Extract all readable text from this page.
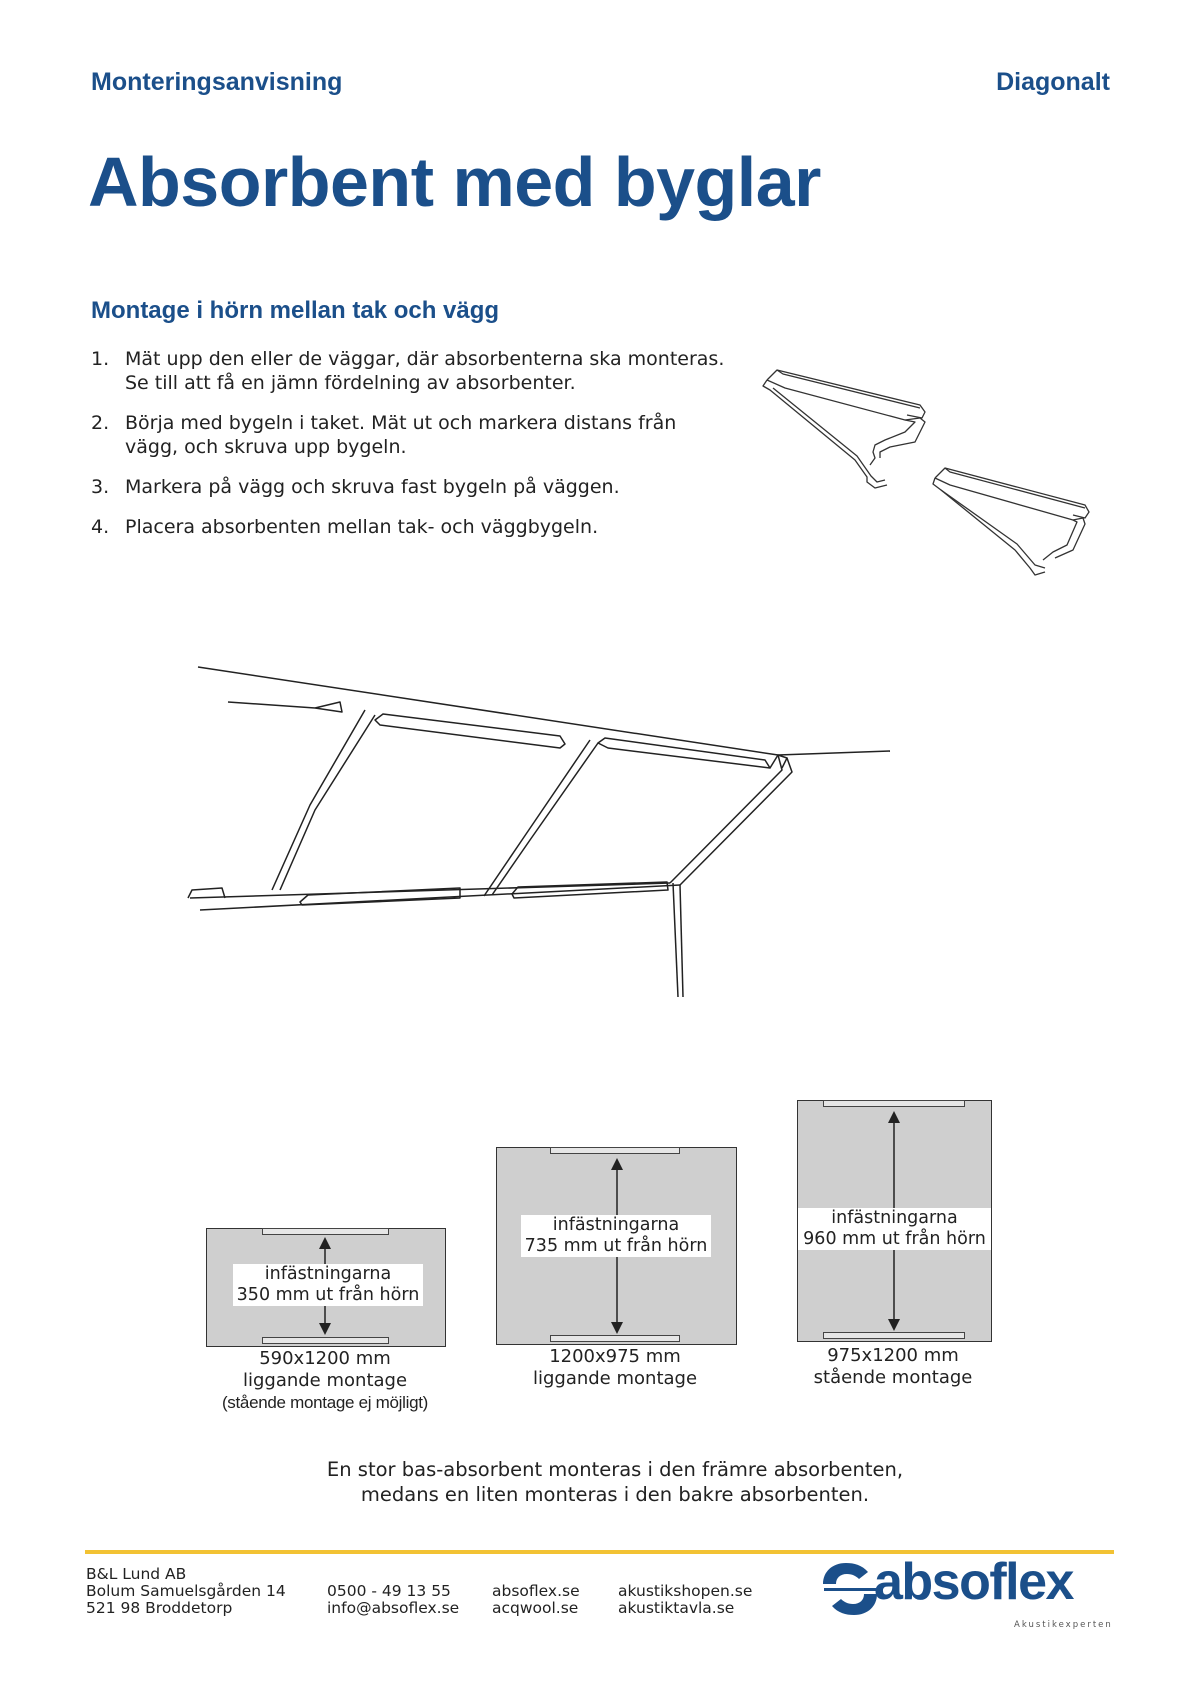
Monteringsanvisning	Diagonalt
Absorbent med byglar
Montage i hörn mellan tak och vägg
1. Mät upp den eller de väggar, där absorbenterna ska monteras. Se till att få en jämn fördelning av absorbenter.
2. Börja med bygeln i taket. Mät ut och markera distans från vägg, och skruva upp bygeln.
3. Markera på vägg och skruva fast bygeln på väggen.
4. Placera absorbenten mellan tak- och väggbygeln.
infästningarna
350 mm ut från hörn
590x1200 mm
liggande montage
(stående montage ej möjligt)
infästningarna
735 mm ut från hörn
1200x975 mm
liggande montage
infästningarna
960 mm ut från hörn
975x1200 mm
stående montage
En stor bas-absorbent monteras i den främre absorbenten,
medans en liten monteras i den bakre absorbenten.
B&L Lund AB
Bolum Samuelsgården 14
521 98 Broddetorp
0500 - 49 13 55
info@absoflex.se
absoflex.se
acqwool.se
akustikshopen.se
akustiktavla.se	absoflex
Akustikexperten
